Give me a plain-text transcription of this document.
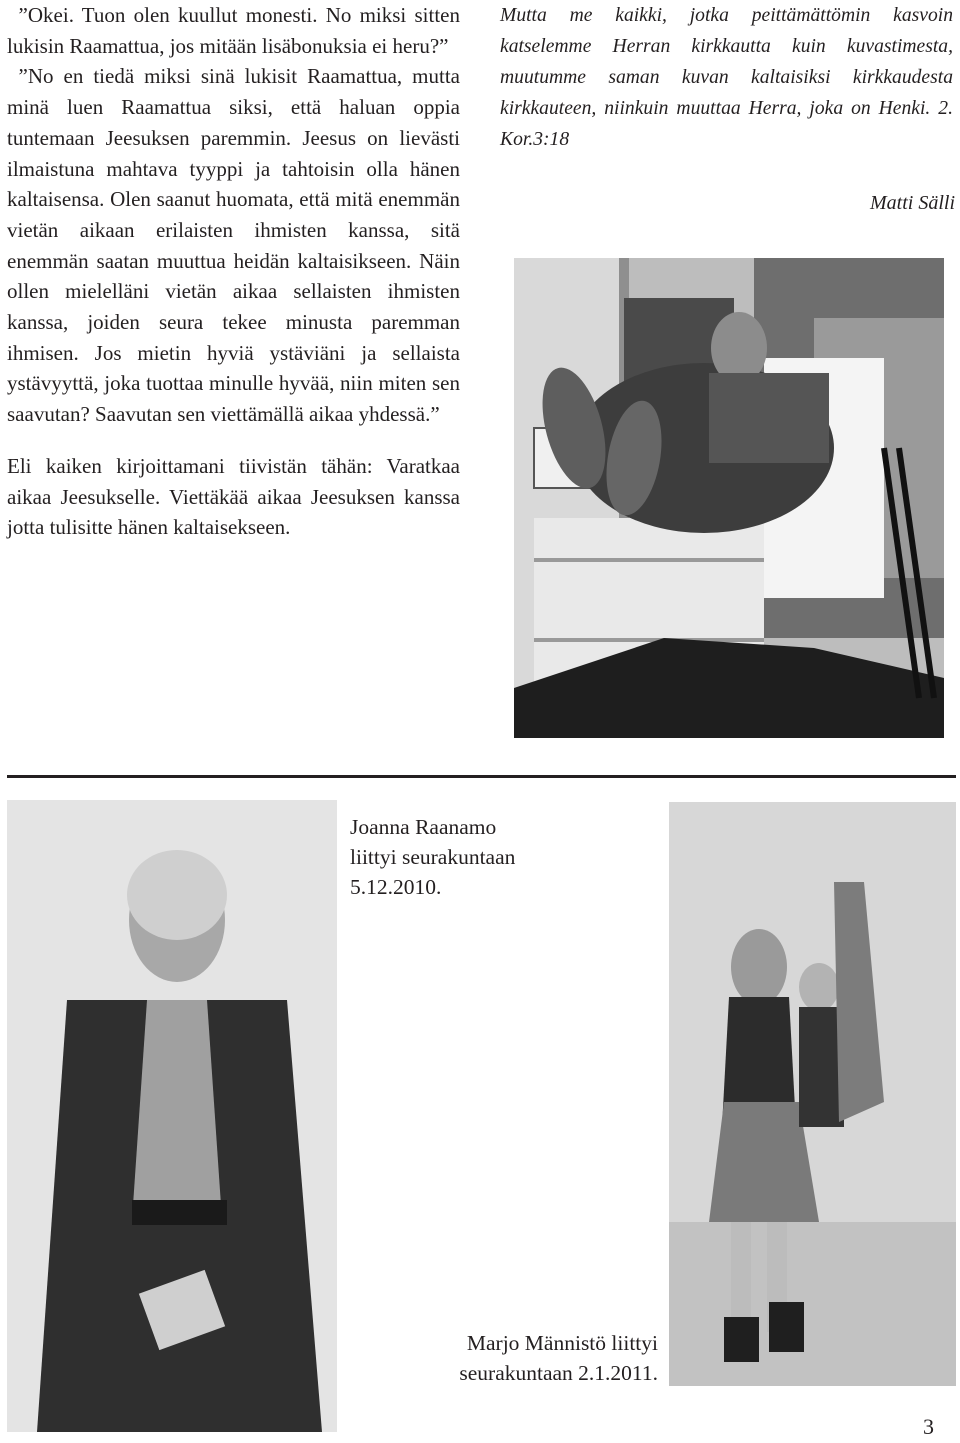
”Okei. Tuon olen kuullut monesti. No miksi sitten lukisin Raamattua, jos mitään lisäbonuksia ei heru?”

”No en tiedä miksi sinä lukisit Raamattua, mutta minä luen Raamattua siksi, että haluan oppia tuntemaan Jeesuksen paremmin. Jeesus on lievästi ilmaistuna mahtava tyyppi ja tahtoisin olla hänen kaltaisensa. Olen saanut huomata, että mitä enemmän vietän aikaan erilaisten ihmisten kanssa, sitä enemmän saatan muuttua heidän kaltaisikseen. Näin ollen mielelläni vietän aikaa sellaisten ihmisten kanssa, joiden seura tekee minusta paremman ihmisen. Jos mietin hyviä ystäviäni ja sellaista ystävyyttä, joka tuottaa minulle hyvää, niin miten sen saavutan? Saavutan sen viettämällä aikaa yhdessä.”

Eli kaiken kirjoittamani tiivistän tähän: Varatkaa aikaa Jeesukselle. Viettäkää aikaa Jeesuksen kanssa jotta tulisitte hänen kaltaisekseen.

Mutta me kaikki, jotka peittämättömin kasvoin katselemme Herran kirkkautta kuin kuvastimesta, muutumme saman kuvan kaltaisiksi kirkkaudesta kirkkauteen, niinkuin muuttaa Herra, joka on Henki. 2. Kor.3:18

Matti Sälli
Joanna Raanamo
liittyi seurakuntaan
5.12.2010.
Marjo Männistö liittyi
seurakuntaan 2.1.2011.
3
